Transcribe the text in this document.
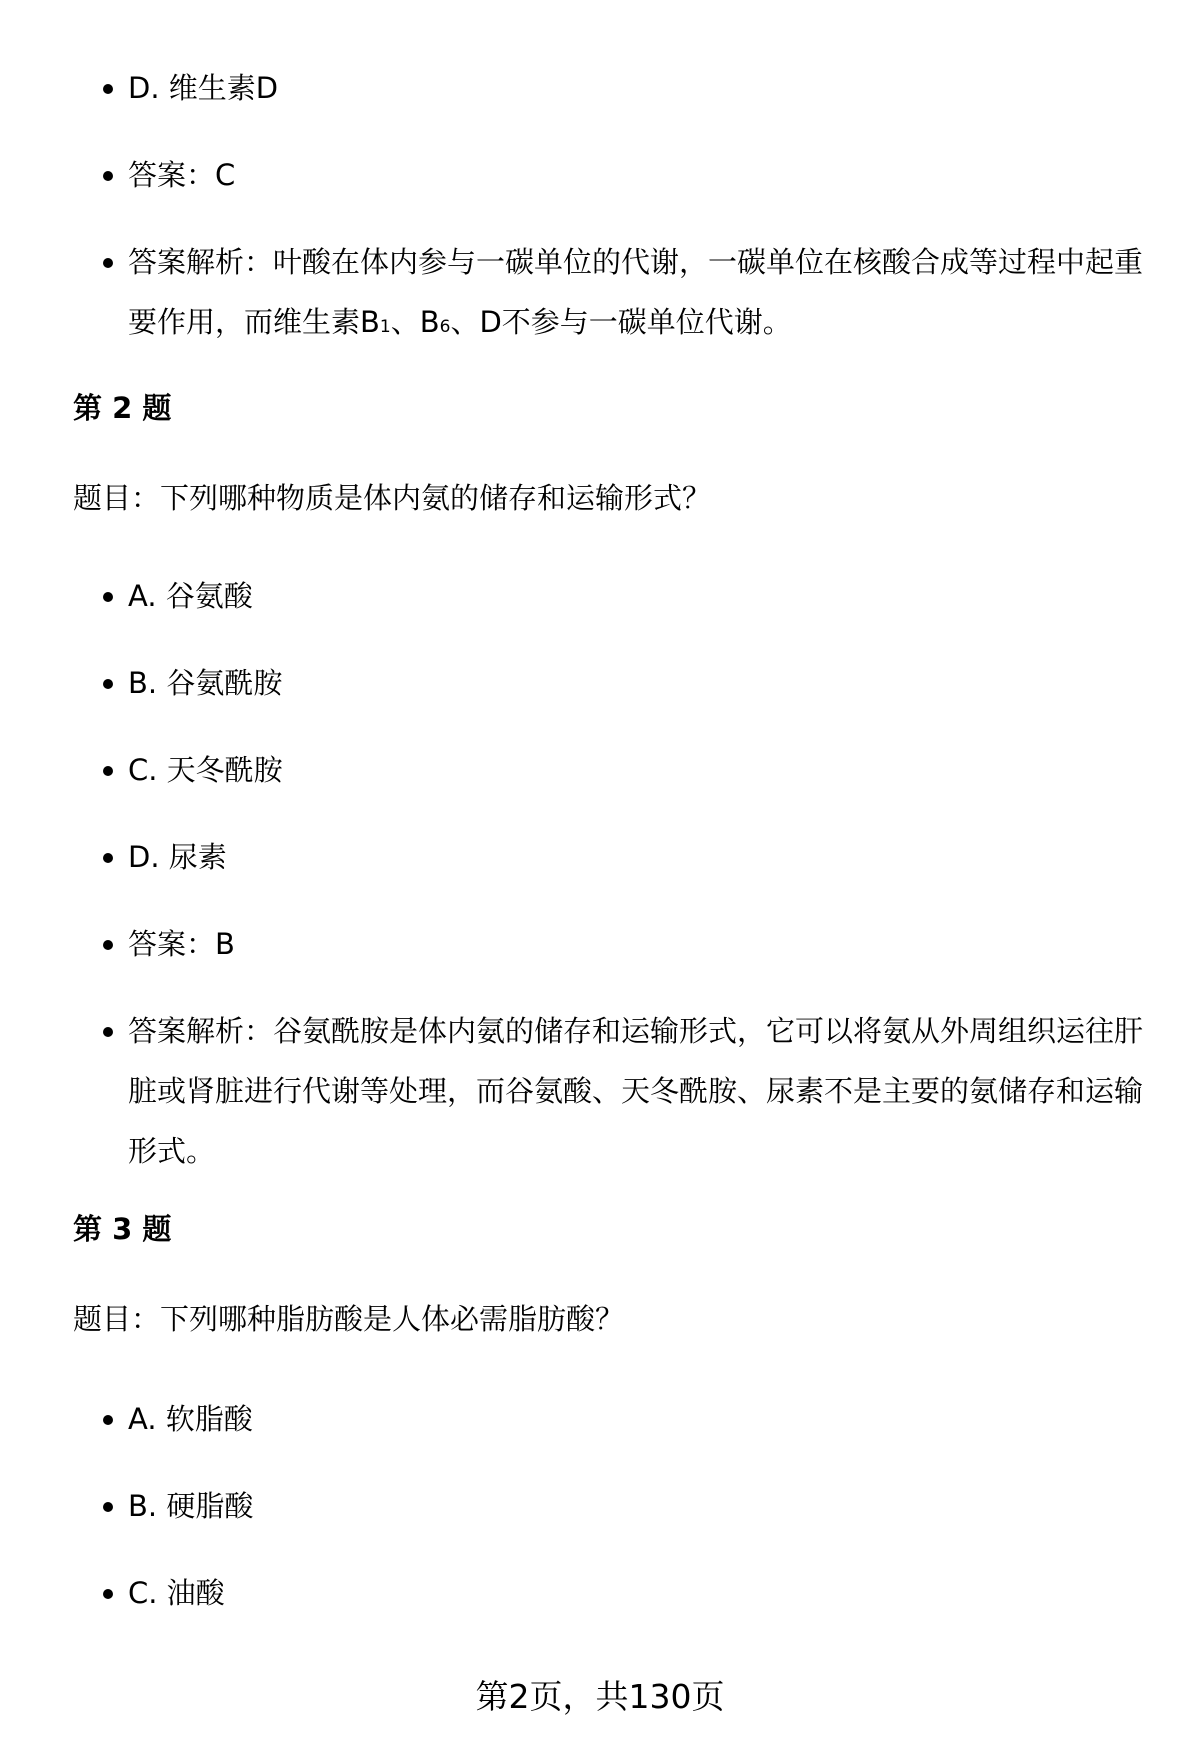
D. 维生素D
答案：C
答案解析：叶酸在体内参与一碳单位的代谢，一碳单位在核酸合成等过程中起重要作用，而维生素B1、B6、D不参与一碳单位代谢。
第 2 题
题目：下列哪种物质是体内氨的储存和运输形式？
A. 谷氨酸
B. 谷氨酰胺
C. 天冬酰胺
D. 尿素
答案：B
答案解析：谷氨酰胺是体内氨的储存和运输形式，它可以将氨从外周组织运往肝脏或肾脏进行代谢等处理，而谷氨酸、天冬酰胺、尿素不是主要的氨储存和运输形式。
第 3 题
题目：下列哪种脂肪酸是人体必需脂肪酸？
A. 软脂酸
B. 硬脂酸
C. 油酸
第2页，共130页
